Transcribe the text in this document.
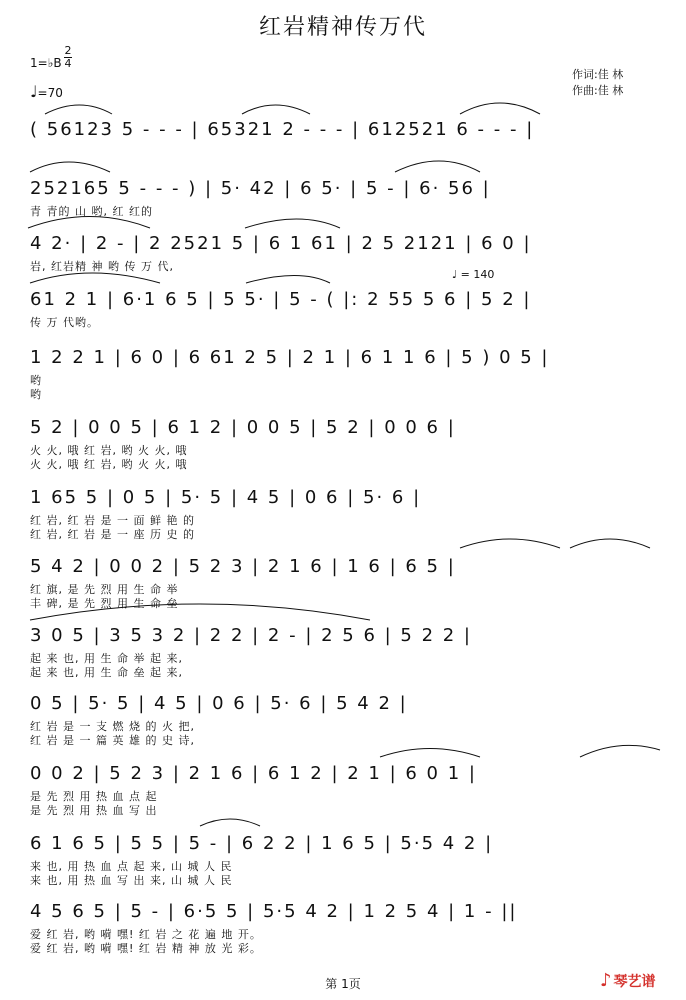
红岩精神传万代
1=♭B
2
4
♩=70
作词:佳 林
作曲:佳 林
( 56123 5 - - - | 65321 2 - - - | 612521 6 - - - |
252165 5 - - - ) | 5· 42 | 6 5· | 5 - | 6· 56 |
青 青的 山 哟, 红 红的
4 2· | 2 - | 2 2521 5 | 6 1 61 | 2 5 2121 | 6 0 |
岩, 红岩精 神 哟 传 万 代,
61 2 1 | 6·1 6 5 | 5 5· | 5 - ( |: 2 55 5 6 | 5 2 |
传 万 代哟。
♩ = 140
1 2 2 1 | 6 0 | 6 61 2 5 | 2 1 | 6 1 1 6 | 5 ) 0 5 |
哟
哟
5 2 | 0 0 5 | 6 1 2 | 0 0 5 | 5 2 | 0 0 6 |
火 火, 哦 红 岩, 哟 火 火, 哦
火 火, 哦 红 岩, 哟 火 火, 哦
1 65 5 | 0 5 | 5· 5 | 4 5 | 0 6 | 5· 6 |
红 岩, 红 岩 是 一 面 鲜 艳 的
红 岩, 红 岩 是 一 座 历 史 的
5 4 2 | 0 0 2 | 5 2 3 | 2 1 6 | 1 6 | 6 5 |
红 旗, 是 先 烈 用 生 命 举
丰 碑, 是 先 烈 用 生 命 垒
3 0 5 | 3 5 3 2 | 2 2 | 2 - | 2 5 6 | 5 2 2 |
起 来 也, 用 生 命 举 起 来,
起 来 也, 用 生 命 垒 起 来,
0 5 | 5· 5 | 4 5 | 0 6 | 5· 6 | 5 4 2 |
红 岩 是 一 支 燃 烧 的 火 把,
红 岩 是 一 篇 英 雄 的 史 诗,
0 0 2 | 5 2 3 | 2 1 6 | 6 1 2 | 2 1 | 6 0 1 |
是 先 烈 用 热 血 点 起
是 先 烈 用 热 血 写 出
6 1 6 5 | 5 5 | 5 - | 6 2 2 | 1 6 5 | 5·5 4 2 |
来 也, 用 热 血 点 起 来, 山 城 人 民
来 也, 用 热 血 写 出 来, 山 城 人 民
4 5 6 5 | 5 - | 6·5 5 | 5·5 4 2 | 1 2 5 4 | 1 - ||
爱 红 岩, 哟 嗬 嘿! 红 岩 之 花 遍 地 开。
爱 红 岩, 哟 嗬 嘿! 红 岩 精 神 放 光 彩。
第 1页	♪ 琴艺谱
